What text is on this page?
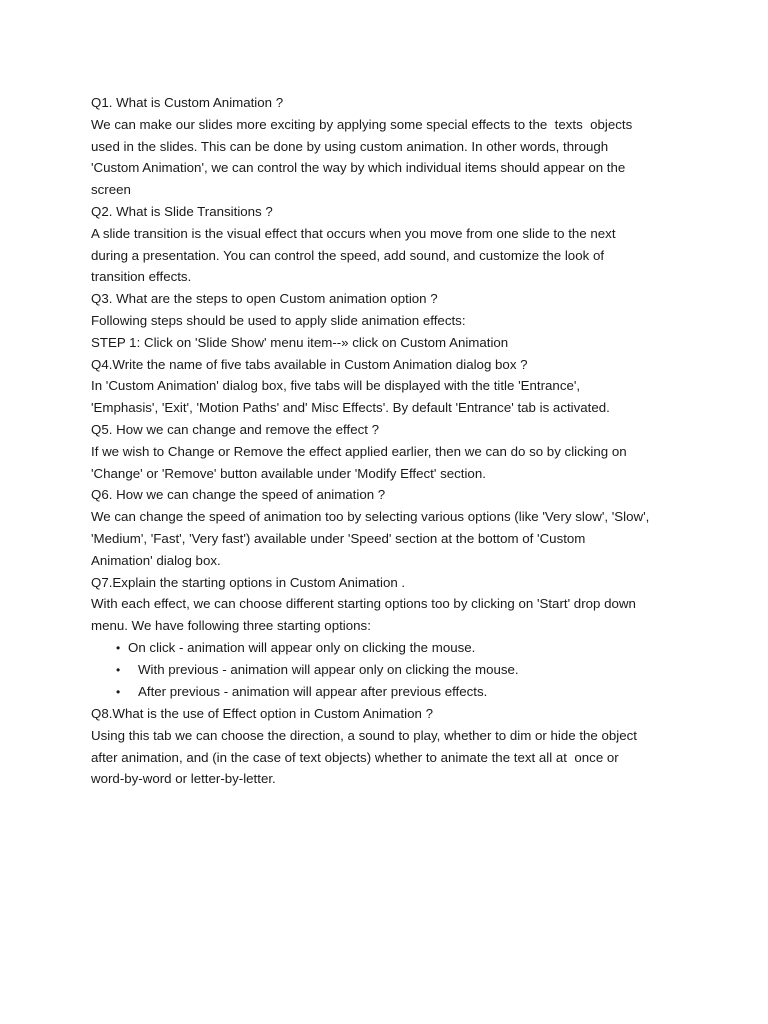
Q1. What is Custom Animation ?
We can make our slides more exciting by applying some special effects to the  texts  objects
used in the slides. This can be done by using custom animation. In other words, through
'Custom Animation', we can control the way by which individual items should appear on the
screen
Q2. What is Slide Transitions ?
A slide transition is the visual effect that occurs when you move from one slide to the next
during a presentation. You can control the speed, add sound, and customize the look of
transition effects.
Q3. What are the steps to open Custom animation option ?
Following steps should be used to apply slide animation effects:
STEP 1: Click on 'Slide Show' menu item--» click on Custom Animation
Q4.Write the name of five tabs available in Custom Animation dialog box ?
In 'Custom Animation' dialog box, five tabs will be displayed with the title 'Entrance',
'Emphasis', 'Exit', 'Motion Paths' and' Misc Effects'. By default 'Entrance' tab is activated.
Q5. How we can change and remove the effect ?
If we wish to Change or Remove the effect applied earlier, then we can do so by clicking on
'Change' or 'Remove' button available under 'Modify Effect' section.
Q6. How we can change the speed of animation ?
We can change the speed of animation too by selecting various options (like 'Very slow', 'Slow',
'Medium', 'Fast', 'Very fast') available under 'Speed' section at the bottom of 'Custom
Animation' dialog box.
Q7.Explain the starting options in Custom Animation .
With each effect, we can choose different starting options too by clicking on 'Start' drop down
menu. We have following three starting options:
• On click - animation will appear only on clicking the mouse.
• With previous - animation will appear only on clicking the mouse.
• After previous - animation will appear after previous effects.
Q8.What is the use of Effect option in Custom Animation ?
Using this tab we can choose the direction, a sound to play, whether to dim or hide the object
after animation, and (in the case of text objects) whether to animate the text all at  once or
word-by-word or letter-by-letter.
